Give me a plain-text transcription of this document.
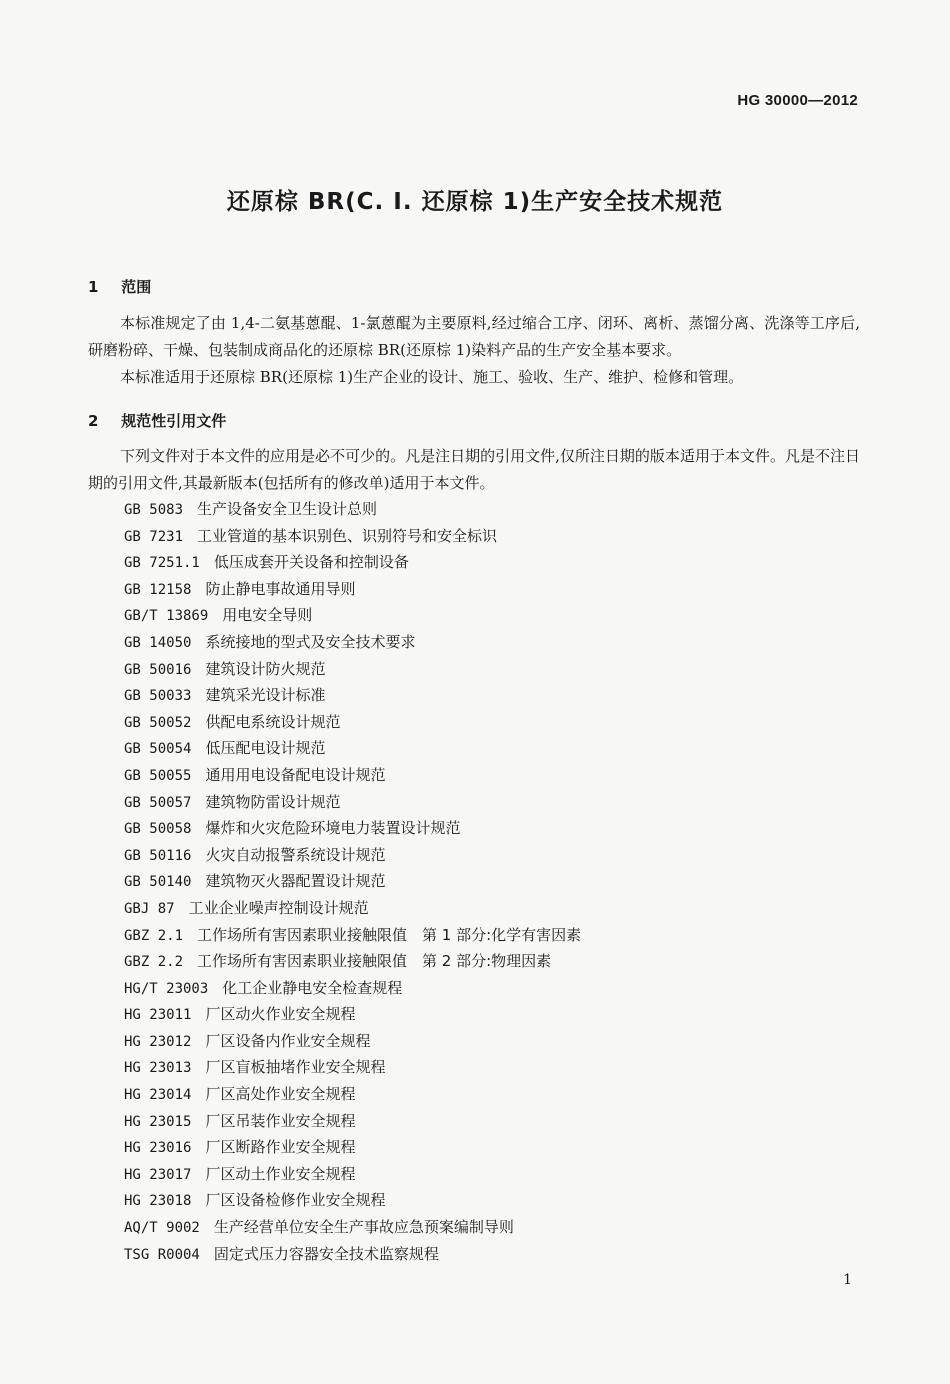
HG 30000—2012
还原棕 BR(C. I. 还原棕 1)生产安全技术规范
1 范围

本标准规定了由 1,4-二氨基蒽醌、1-氯蒽醌为主要原料,经过缩合工序、闭环、离析、蒸馏分离、洗涤等工序后,研磨粉碎、干燥、包装制成商品化的还原棕 BR(还原棕 1)染料产品的生产安全基本要求。

本标准适用于还原棕 BR(还原棕 1)生产企业的设计、施工、验收、生产、维护、检修和管理。

2 规范性引用文件

下列文件对于本文件的应用是必不可少的。凡是注日期的引用文件,仅所注日期的版本适用于本文件。凡是不注日期的引用文件,其最新版本(包括所有的修改单)适用于本文件。

GB 5083 生产设备安全卫生设计总则
GB 7231 工业管道的基本识别色、识别符号和安全标识
GB 7251.1 低压成套开关设备和控制设备
GB 12158 防止静电事故通用导则
GB/T 13869 用电安全导则
GB 14050 系统接地的型式及安全技术要求
GB 50016 建筑设计防火规范
GB 50033 建筑采光设计标准
GB 50052 供配电系统设计规范
GB 50054 低压配电设计规范
GB 50055 通用用电设备配电设计规范
GB 50057 建筑物防雷设计规范
GB 50058 爆炸和火灾危险环境电力装置设计规范
GB 50116 火灾自动报警系统设计规范
GB 50140 建筑物灭火器配置设计规范
GBJ 87 工业企业噪声控制设计规范
GBZ 2.1 工作场所有害因素职业接触限值　第 1 部分:化学有害因素
GBZ 2.2 工作场所有害因素职业接触限值　第 2 部分:物理因素
HG/T 23003 化工企业静电安全检查规程
HG 23011 厂区动火作业安全规程
HG 23012 厂区设备内作业安全规程
HG 23013 厂区盲板抽堵作业安全规程
HG 23014 厂区高处作业安全规程
HG 23015 厂区吊装作业安全规程
HG 23016 厂区断路作业安全规程
HG 23017 厂区动土作业安全规程
HG 23018 厂区设备检修作业安全规程
AQ/T 9002 生产经营单位安全生产事故应急预案编制导则
TSG R0004 固定式压力容器安全技术监察规程
1
